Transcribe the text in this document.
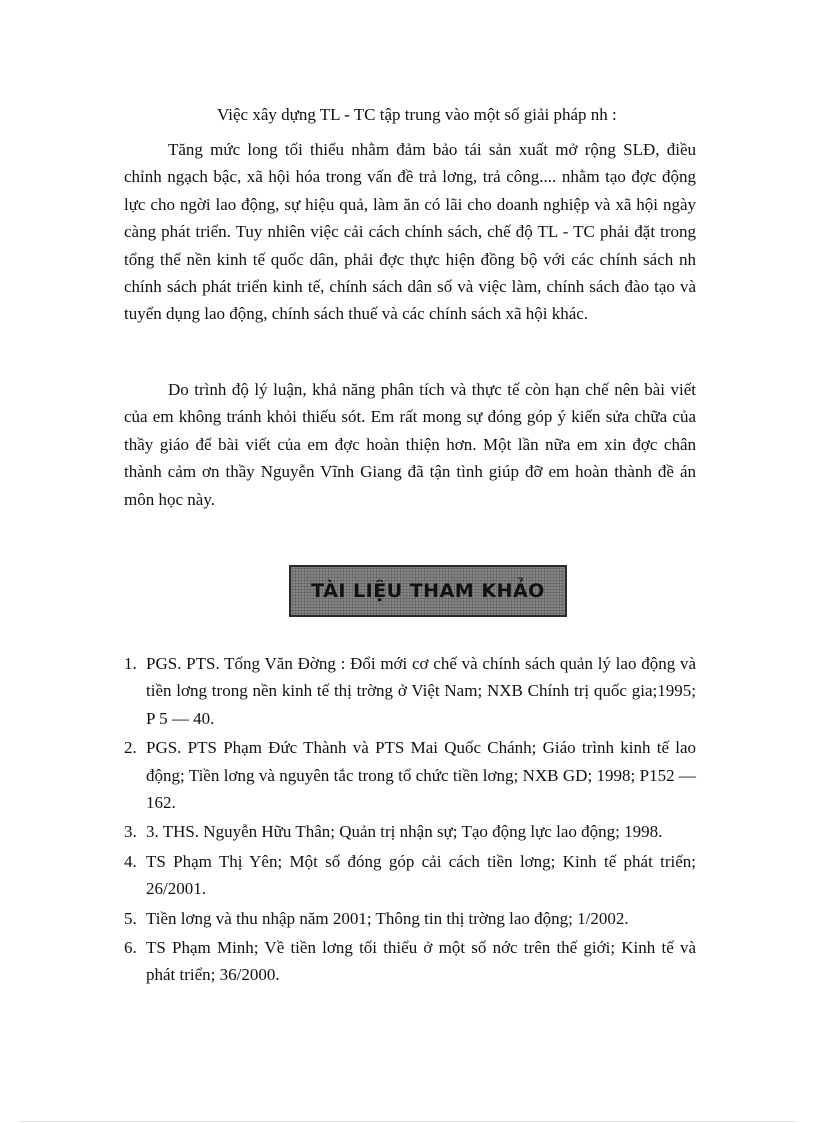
Việc xây dựng TL - TC tập trung vào một số giải pháp nh :

Tăng mức long tối thiểu nhằm đảm bảo tái sản xuất mở rộng SLĐ, điều chỉnh ngạch bậc, xã hội hóa trong vấn đề trả lơng, trả công.... nhằm tạo đợc động lực cho ngời lao động, sự hiệu quả, làm ăn có lãi cho doanh nghiệp và xã hội ngày càng phát triển. Tuy nhiên việc cải cách chính sách, chế độ TL - TC phải đặt trong tổng thể nền kinh tế quốc dân, phải đợc thực hiện đồng bộ với các chính sách nh chính sách phát triển kinh tế, chính sách dân số và việc làm, chính sách đào tạo và tuyển dụng lao động, chính sách thuế và các chính sách xã hội khác.

Do trình độ lý luận, khả năng phân tích và thực tế còn hạn chế nên bài viết của em không tránh khỏi thiếu sót. Em rất mong sự đóng góp ý kiến sửa chữa của thầy giáo để bài viết của em đợc hoàn thiện hơn. Một lần nữa em xin đợc chân thành cảm ơn thầy Nguyễn Vĩnh Giang đã tận tình giúp đỡ em hoàn thành đề án môn học này.

TÀI LIỆU THAM KHẢO
1. PGS. PTS. Tống Văn Đờng : Đổi mới cơ chế và chính sách quản lý lao động và tiền lơng trong nền kinh tế thị trờng ở Việt Nam; NXB Chính trị quốc gia;1995; P 5 — 40.
2. PGS. PTS Phạm Đức Thành và PTS Mai Quốc Chánh; Giáo trình kinh tế lao động; Tiền lơng và nguyên tắc trong tổ chức tiền lơng; NXB GD; 1998; P152 — 162.
3. 3. THS. Nguyễn Hữu Thân; Quản trị nhận sự; Tạo động lực lao động; 1998.
4. TS Phạm Thị Yên; Một số đóng góp cải cách tiền lơng; Kinh tế phát triển; 26/2001.
5. Tiền lơng và thu nhập năm 2001; Thông tin thị trờng lao động; 1/2002.
6. TS Phạm Minh; Về tiền lơng tối thiểu ở một số nớc trên thế giới; Kinh tế và phát triển; 36/2000.
